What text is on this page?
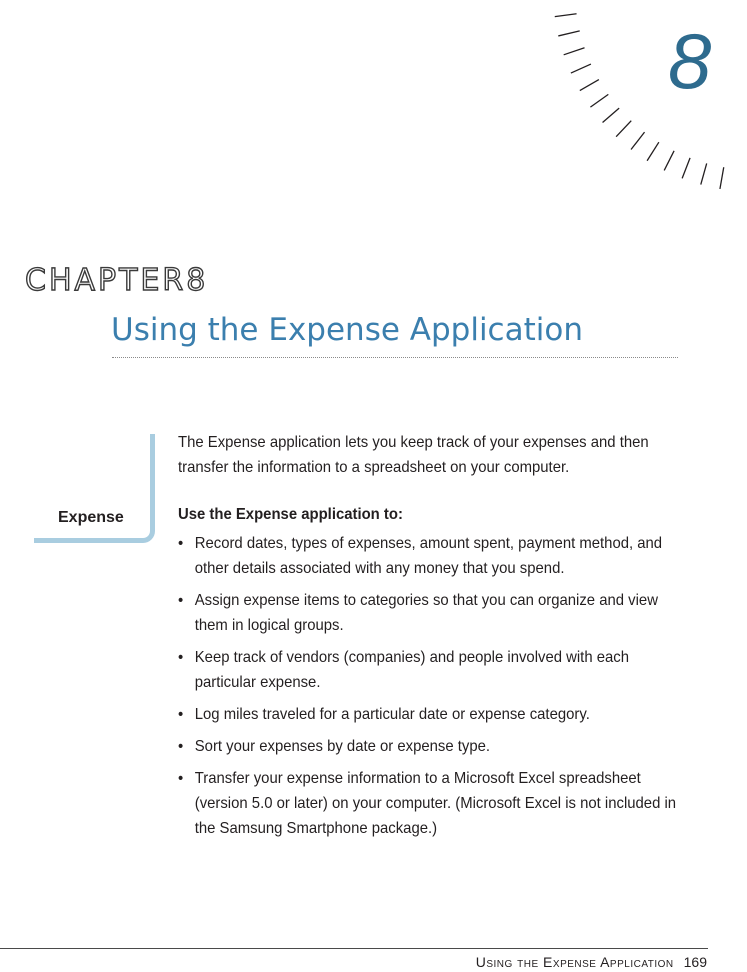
8
CHAPTER8
Using the Expense Application
Expense

The Expense application lets you keep track of your expenses and then transfer the information to a spreadsheet on your computer.

Use the Expense application to:

• Record dates, types of expenses, amount spent, payment method, and other details associated with any money that you spend.
• Assign expense items to categories so that you can organize and view them in logical groups.
• Keep track of vendors (companies) and people involved with each particular expense.
• Log miles traveled for a particular date or expense category.
• Sort your expenses by date or expense type.
• Transfer your expense information to a Microsoft Excel spreadsheet (version 5.0 or later) on your computer. (Microsoft Excel is not included in the Samsung Smartphone package.)
Using the Expense Application 169
